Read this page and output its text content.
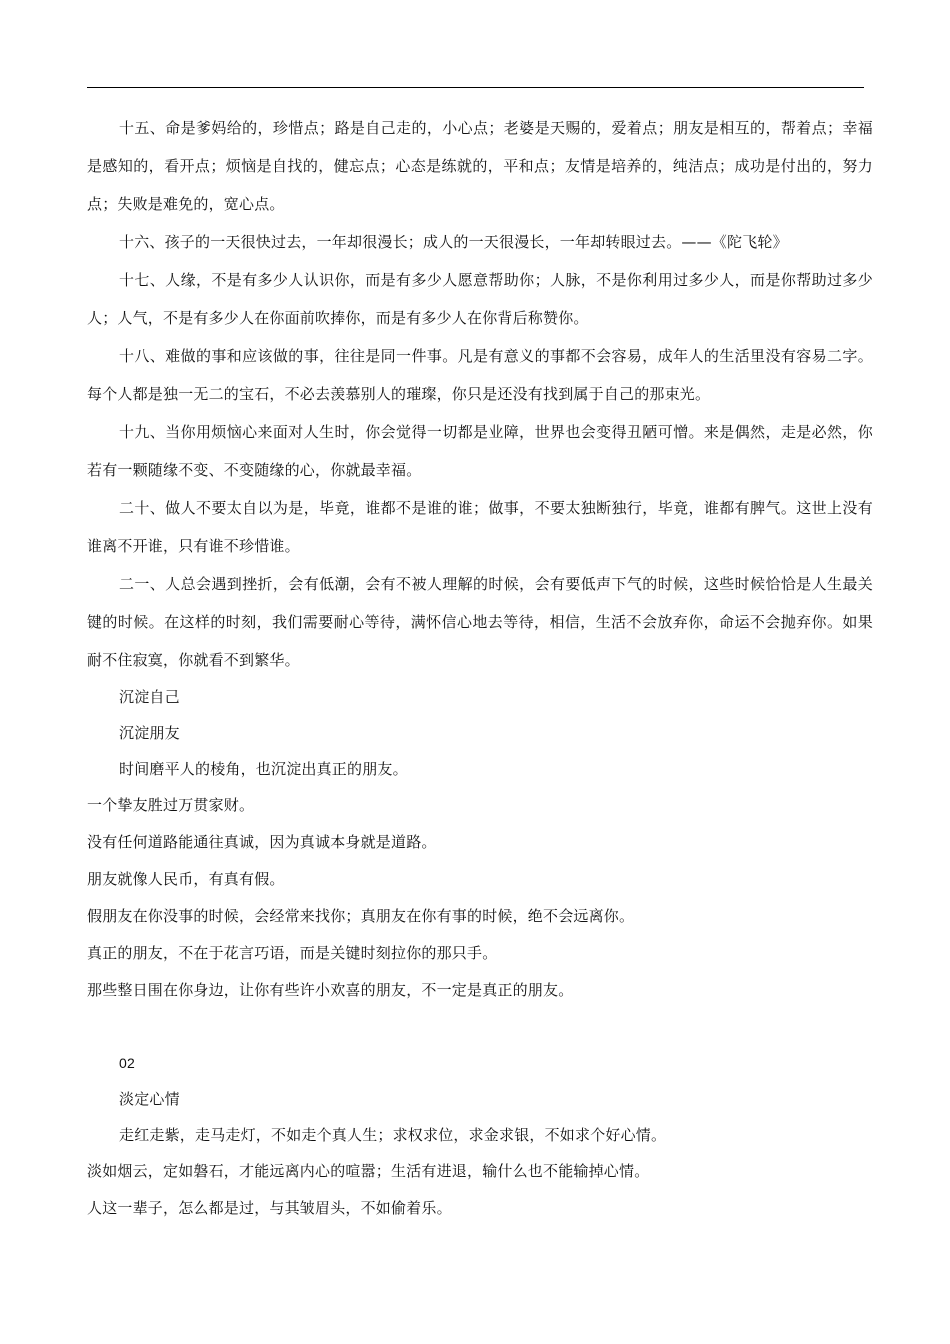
十五、命是爹妈给的，珍惜点；路是自己走的，小心点；老婆是天赐的，爱着点；朋友是相互的，帮着点；幸福是感知的，看开点；烦恼是自找的，健忘点；心态是练就的，平和点；友情是培养的，纯洁点；成功是付出的，努力点；失败是难免的，宽心点。

十六、孩子的一天很快过去，一年却很漫长；成人的一天很漫长，一年却转眼过去。——《陀飞轮》

十七、人缘，不是有多少人认识你，而是有多少人愿意帮助你；人脉，不是你利用过多少人，而是你帮助过多少人；人气，不是有多少人在你面前吹捧你，而是有多少人在你背后称赞你。

十八、难做的事和应该做的事，往往是同一件事。凡是有意义的事都不会容易，成年人的生活里没有容易二字。每个人都是独一无二的宝石，不必去羡慕别人的璀璨，你只是还没有找到属于自己的那束光。

十九、当你用烦恼心来面对人生时，你会觉得一切都是业障，世界也会变得丑陋可憎。来是偶然，走是必然，你若有一颗随缘不变、不变随缘的心，你就最幸福。

二十、做人不要太自以为是，毕竟，谁都不是谁的谁；做事，不要太独断独行，毕竟，谁都有脾气。这世上没有谁离不开谁，只有谁不珍惜谁。

二一、人总会遇到挫折，会有低潮，会有不被人理解的时候，会有要低声下气的时候，这些时候恰恰是人生最关键的时候。在这样的时刻，我们需要耐心等待，满怀信心地去等待，相信，生活不会放弃你，命运不会抛弃你。如果耐不住寂寞，你就看不到繁华。

沉淀自己

沉淀朋友

时间磨平人的棱角，也沉淀出真正的朋友。

一个挚友胜过万贯家财。

没有任何道路能通往真诚，因为真诚本身就是道路。

朋友就像人民币，有真有假。

假朋友在你没事的时候，会经常来找你；真朋友在你有事的时候，绝不会远离你。

真正的朋友，不在于花言巧语，而是关键时刻拉你的那只手。

那些整日围在你身边，让你有些许小欢喜的朋友，不一定是真正的朋友。

02

淡定心情

走红走紫，走马走灯，不如走个真人生；求权求位，求金求银，不如求个好心情。

淡如烟云，定如磐石，才能远离内心的喧嚣；生活有进退，输什么也不能输掉心情。

人这一辈子，怎么都是过，与其皱眉头，不如偷着乐。
